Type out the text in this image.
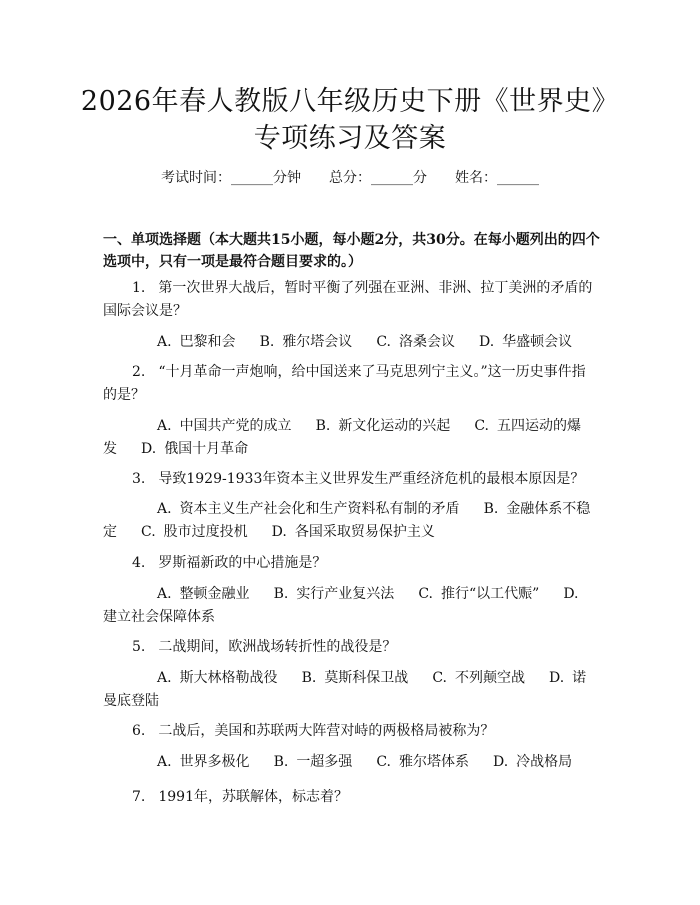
2026年春人教版八年级历史下册《世界史》
专项练习及答案
考试时间：______分钟　　总分：______分　　姓名：______
一、单项选择题（本大题共15小题，每小题2分，共30分。在每小题列出的四个选项中，只有一项是最符合题目要求的。）
1. 第一次世界大战后，暂时平衡了列强在亚洲、非洲、拉丁美洲的矛盾的国际会议是？
A. 巴黎和会 B. 雅尔塔会议 C. 洛桑会议 D. 华盛顿会议
2. “十月革命一声炮响，给中国送来了马克思列宁主义。”这一历史事件指的是？
A. 中国共产党的成立 B. 新文化运动的兴起 C. 五四运动的爆发 D. 俄国十月革命
3. 导致1929-1933年资本主义世界发生严重经济危机的最根本原因是？
A. 资本主义生产社会化和生产资料私有制的矛盾 B. 金融体系不稳定 C. 股市过度投机 D. 各国采取贸易保护主义
4. 罗斯福新政的中心措施是？
A. 整顿金融业 B. 实行产业复兴法 C. 推行“以工代赈” D.建立社会保障体系
5. 二战期间，欧洲战场转折性的战役是？
A. 斯大林格勒战役 B. 莫斯科保卫战 C. 不列颠空战 D. 诺曼底登陆
6. 二战后，美国和苏联两大阵营对峙的两极格局被称为？
A. 世界多极化 B. 一超多强 C. 雅尔塔体系 D. 冷战格局
7. 1991年，苏联解体，标志着？
